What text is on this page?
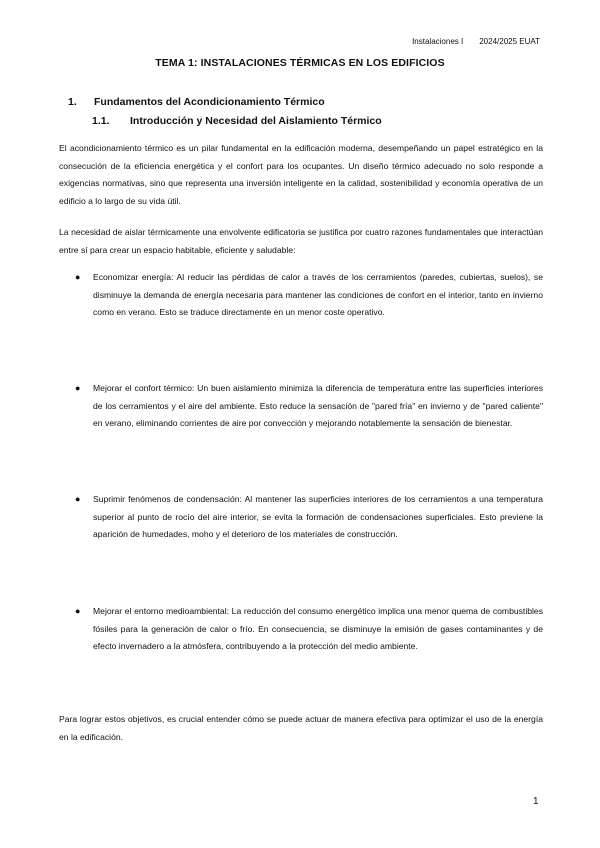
Instalaciones I 2024/2025 EUAT
TEMA 1: INSTALACIONES TÉRMICAS EN LOS EDIFICIOS
1. Fundamentos del Acondicionamiento Térmico
1.1. Introducción y Necesidad del Aislamiento Térmico

El acondicionamiento térmico es un pilar fundamental en la edificación moderna, desempeñando un papel estratégico en la consecución de la eficiencia energética y el confort para los ocupantes. Un diseño térmico adecuado no solo responde a exigencias normativas, sino que representa una inversión inteligente en la calidad, sostenibilidad y economía operativa de un edificio a lo largo de su vida útil.

La necesidad de aislar térmicamente una envolvente edificatoria se justifica por cuatro razones fundamentales que interactúan entre sí para crear un espacio habitable, eficiente y saludable:

●	Economizar energía: Al reducir las pérdidas de calor a través de los cerramientos (paredes, cubiertas, suelos), se disminuye la demanda de energía necesaria para mantener las condiciones de confort en el interior, tanto en invierno como en verano. Esto se traduce directamente en un menor coste operativo.
●	Mejorar el confort térmico: Un buen aislamiento minimiza la diferencia de temperatura entre las superficies interiores de los cerramientos y el aire del ambiente. Esto reduce la sensación de "pared fría" en invierno y de "pared caliente" en verano, eliminando corrientes de aire por convección y mejorando notablemente la sensación de bienestar.
●	Suprimir fenómenos de condensación: Al mantener las superficies interiores de los cerramientos a una temperatura superior al punto de rocío del aire interior, se evita la formación de condensaciones superficiales. Esto previene la aparición de humedades, moho y el deterioro de los materiales de construcción.
●	Mejorar el entorno medioambiental: La reducción del consumo energético implica una menor quema de combustibles fósiles para la generación de calor o frío. En consecuencia, se disminuye la emisión de gases contaminantes y de efecto invernadero a la atmósfera, contribuyendo a la protección del medio ambiente.

Para lograr estos objetivos, es crucial entender cómo se puede actuar de manera efectiva para optimizar el uso de la energía en la edificación.

1
